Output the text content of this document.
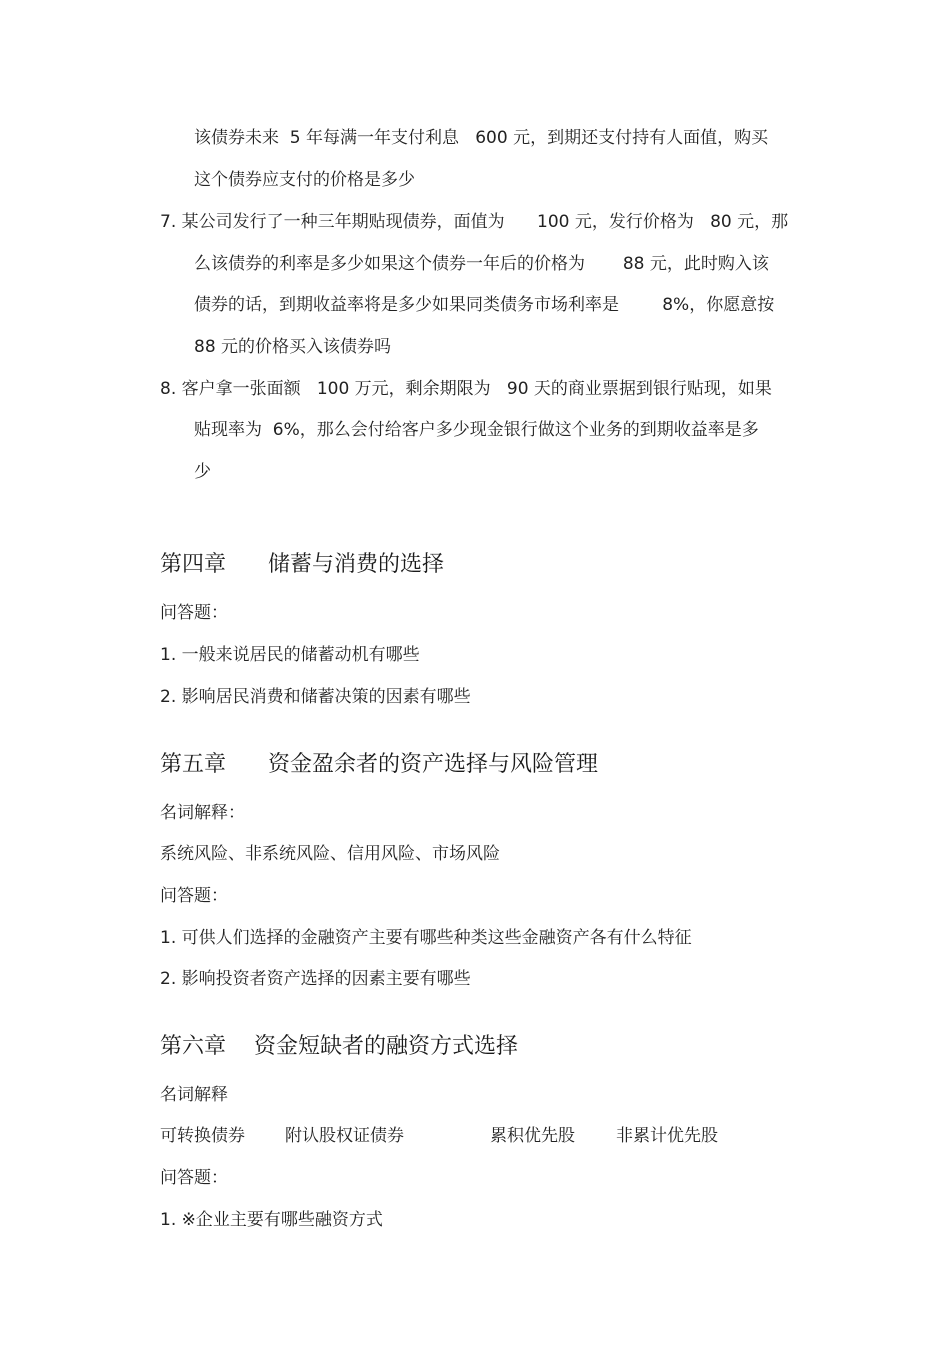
该债券未来  5 年每满一年支付利息   600 元，到期还支付持有人面值，购买
这个债券应支付的价格是多少
7. 某公司发行了一种三年期贴现债券，面值为      100 元，发行价格为   80 元，那
么该债券的利率是多少如果这个债券一年后的价格为       88 元，此时购入该
债券的话，到期收益率将是多少如果同类债务市场利率是        8%，你愿意按
88 元的价格买入该债券吗
8. 客户拿一张面额   100 万元，剩余期限为   90 天的商业票据到银行贴现，如果
贴现率为  6%，那么会付给客户多少现金银行做这个业务的到期收益率是多
少
第四章      储蓄与消费的选择
问答题：
1. 一般来说居民的储蓄动机有哪些
2. 影响居民消费和储蓄决策的因素有哪些
第五章      资金盈余者的资产选择与风险管理
名词解释：
系统风险、非系统风险、信用风险、市场风险
问答题：
1. 可供人们选择的金融资产主要有哪些种类这些金融资产各有什么特征
2. 影响投资者资产选择的因素主要有哪些
第六章    资金短缺者的融资方式选择
名词解释
可转换债券 附认股权证债券	累积优先股 非累计优先股
问答题：
1. ※企业主要有哪些融资方式
